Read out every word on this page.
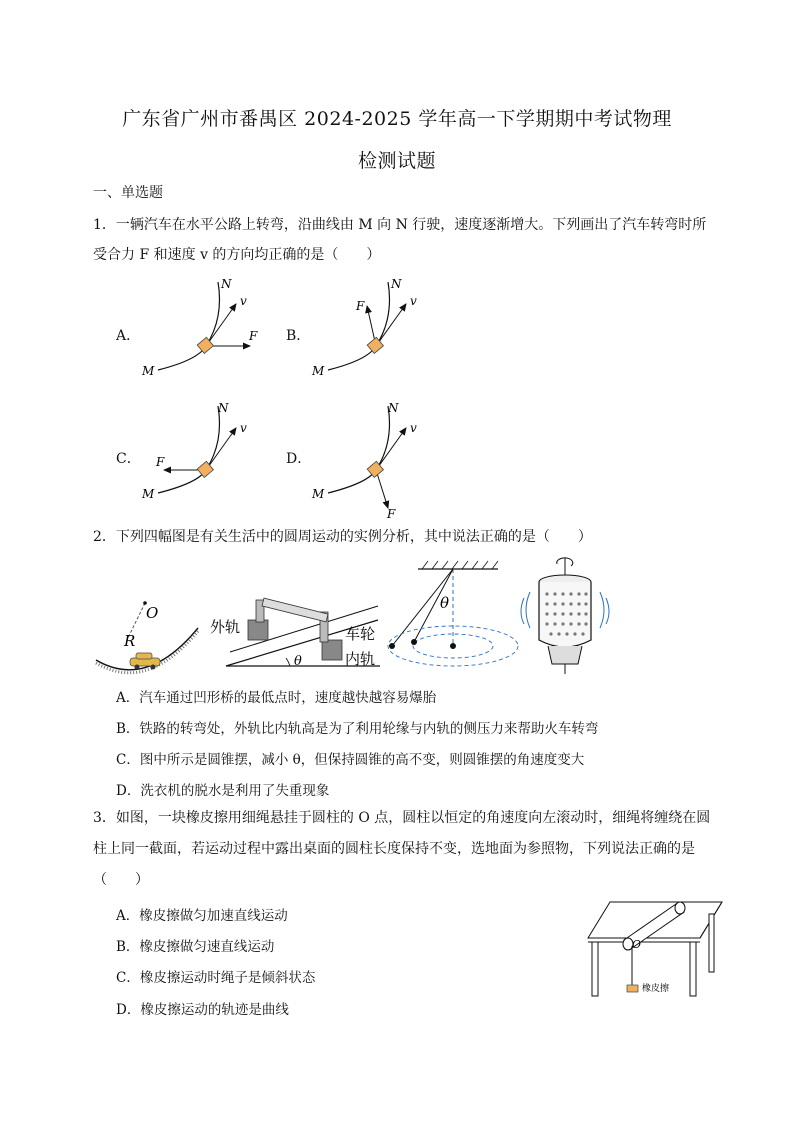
广东省广州市番禺区 2024-2025 学年高一下学期期中考试物理
检测试题
一、单选题
1．一辆汽车在水平公路上转弯，沿曲线由 M 向 N 行驶，速度逐渐增大。下列画出了汽车转弯时所
受合力 F 和速度 v 的方向均正确的是（　　）
A．	B．
C．	D．
M
N
v
F
M
N
v
F
M
N
v
F
M
N
v
F
2．下列四幅图是有关生活中的圆周运动的实例分析，其中说法正确的是（　　）
O
R
θ
外轨	车轮
内轨
θ
A．汽车通过凹形桥的最低点时，速度越快越容易爆胎
B．铁路的转弯处，外轨比内轨高是为了利用轮缘与内轨的侧压力来帮助火车转弯
C．图中所示是圆锥摆，减小 θ，但保持圆锥的高不变，则圆锥摆的角速度变大
D．洗衣机的脱水是利用了失重现象
3．如图，一块橡皮擦用细绳悬挂于圆柱的 O 点，圆柱以恒定的角速度向左滚动时，细绳将缠绕在圆
柱上同一截面，若运动过程中露出桌面的圆柱长度保持不变，选地面为参照物，下列说法正确的是
（　　）
A．橡皮擦做匀加速直线运动
B．橡皮擦做匀速直线运动
C．橡皮擦运动时绳子是倾斜状态
D．橡皮擦运动的轨迹是曲线
O
橡皮擦
